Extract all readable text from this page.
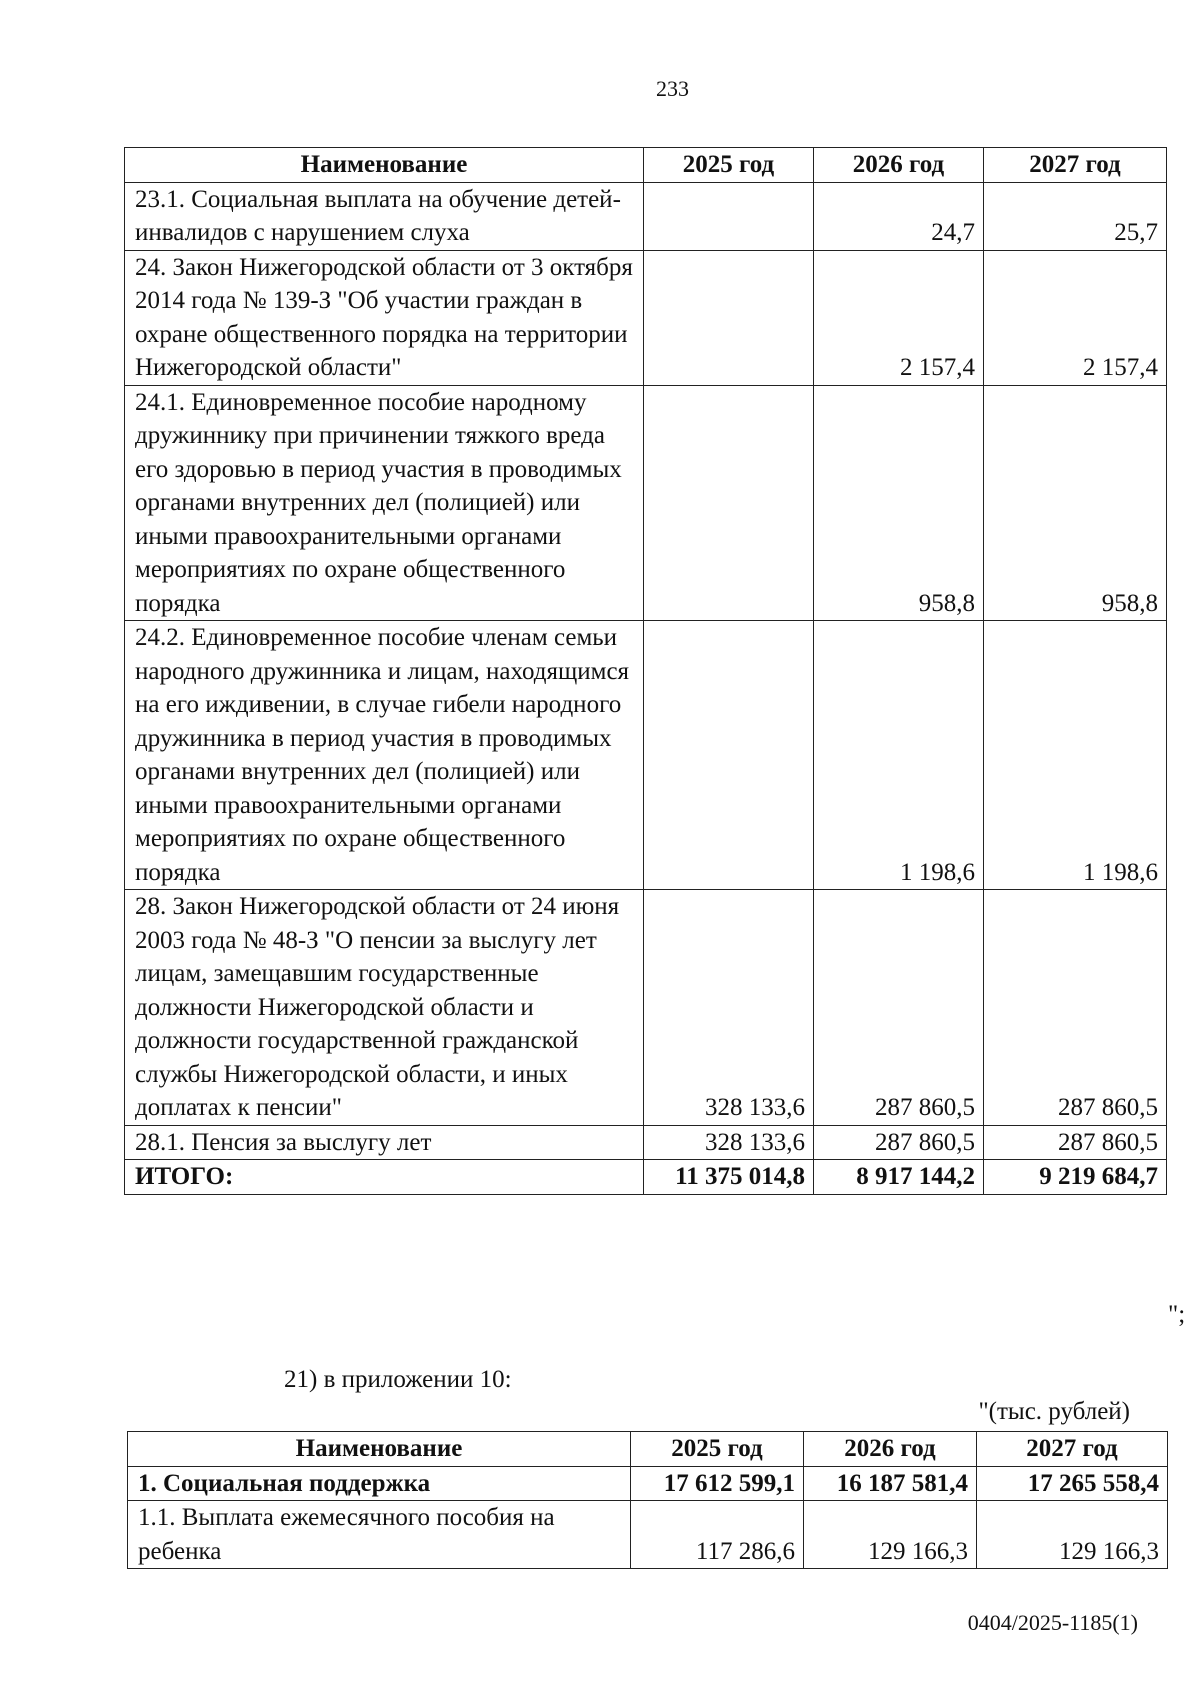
233
Наименование	2025 год	2026 год	2027 год
23.1. Социальная выплата на обучение детей-инвалидов с нарушением слуха		24,7	25,7
24. Закон Нижегородской области от 3 октября 2014 года № 139-З "Об участии граждан в охране общественного порядка на территории Нижегородской области"		2 157,4	2 157,4
24.1. Единовременное пособие народному дружиннику при причинении тяжкого вреда его здоровью в период участия в проводимых органами внутренних дел (полицией) или иными правоохранительными органами мероприятиях по охране общественного порядка		958,8	958,8
24.2. Единовременное пособие членам семьи народного дружинника и лицам, находящимся на его иждивении, в случае гибели народного дружинника в период участия в проводимых органами внутренних дел (полицией) или иными правоохранительными органами мероприятиях по охране общественного порядка		1 198,6	1 198,6
28. Закон Нижегородской области от 24 июня 2003 года № 48-З "О пенсии за выслугу лет лицам, замещавшим государственные должности Нижегородской области и должности государственной гражданской службы Нижегородской области, и иных доплатах к пенсии"	328 133,6	287 860,5	287 860,5
28.1. Пенсия за выслугу лет	328 133,6	287 860,5	287 860,5
ИТОГО:	11 375 014,8	8 917 144,2	9 219 684,7
";
21) в приложении 10:
"(тыс. рублей)
Наименование	2025 год	2026 год	2027 год
1. Социальная поддержка	17 612 599,1	16 187 581,4	17 265 558,4
1.1. Выплата ежемесячного пособия на ребенка	117 286,6	129 166,3	129 166,3
0404/2025-1185(1)
